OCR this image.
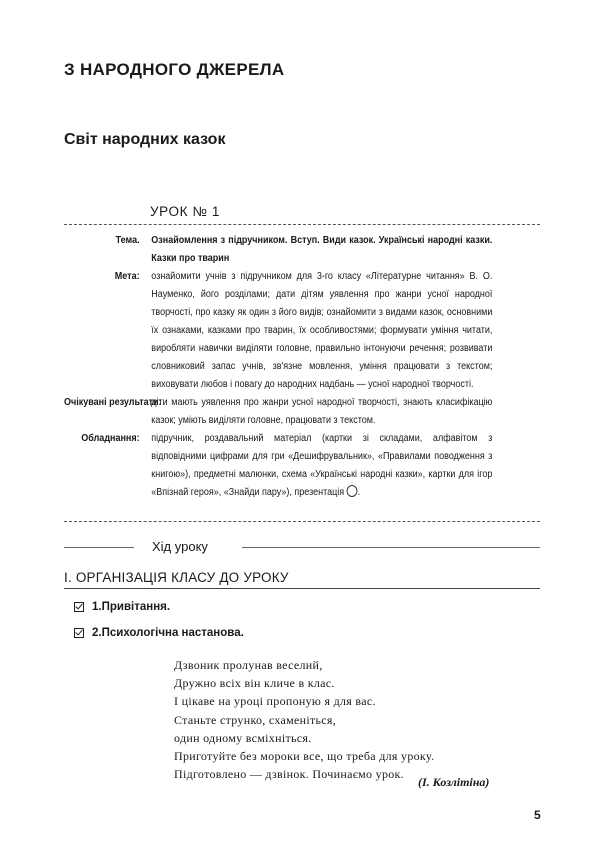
З НАРОДНОГО ДЖЕРЕЛА
Світ народних казок
УРОК № 1
Тема.	Ознайомлення з підручником. Вступ. Види казок. Українські народні казки. Казки про тварин
Мета:	ознайомити учнів з підручником для 3-го класу «Літературне читання» В. О. Науменко, його розділами; дати дітям уявлення про жанри усної народної творчості, про казку як один з його видів; ознайомити з видами казок, основними їх ознаками, казками про тварин, їх особливостями; формувати уміння читати, виробляти навички виділяти головне, правильно інтонуючи речення; розвивати словниковий запас учнів, зв'язне мовлення, уміння працювати з текстом; виховувати любов і повагу до народних надбань — усної народної творчості.
Очікувані результати:
діти мають уявлення про жанри усної народної творчості, знають класифікацію казок; уміють виділяти головне, працювати з текстом.
Обладнання:	підручник, роздавальний матеріал (картки зі складами, алфавітом з відповідними цифрами для гри «Дешифрувальник», «Правилами поводження з книгою»), предметні малюнки, схема «Українські народні казки», картки для ігор «Впізнай героя», «Знайди пару»), презентація .
Хід уроку
I. ОРГАНІЗАЦІЯ КЛАСУ ДО УРОКУ
1.Привітання.
2.Психологічна настанова.
Дзвоник пролунав веселий,
Дружно всіх він кличе в клас.
І цікаве на уроці пропоную я для вас.
Станьте струнко, схаменіться,
один одному всміхніться.
Приготуйте без мороки все, що треба для уроку.
Підготовлено — дзвінок. Починаємо урок.
(І. Козлітіна)
5
